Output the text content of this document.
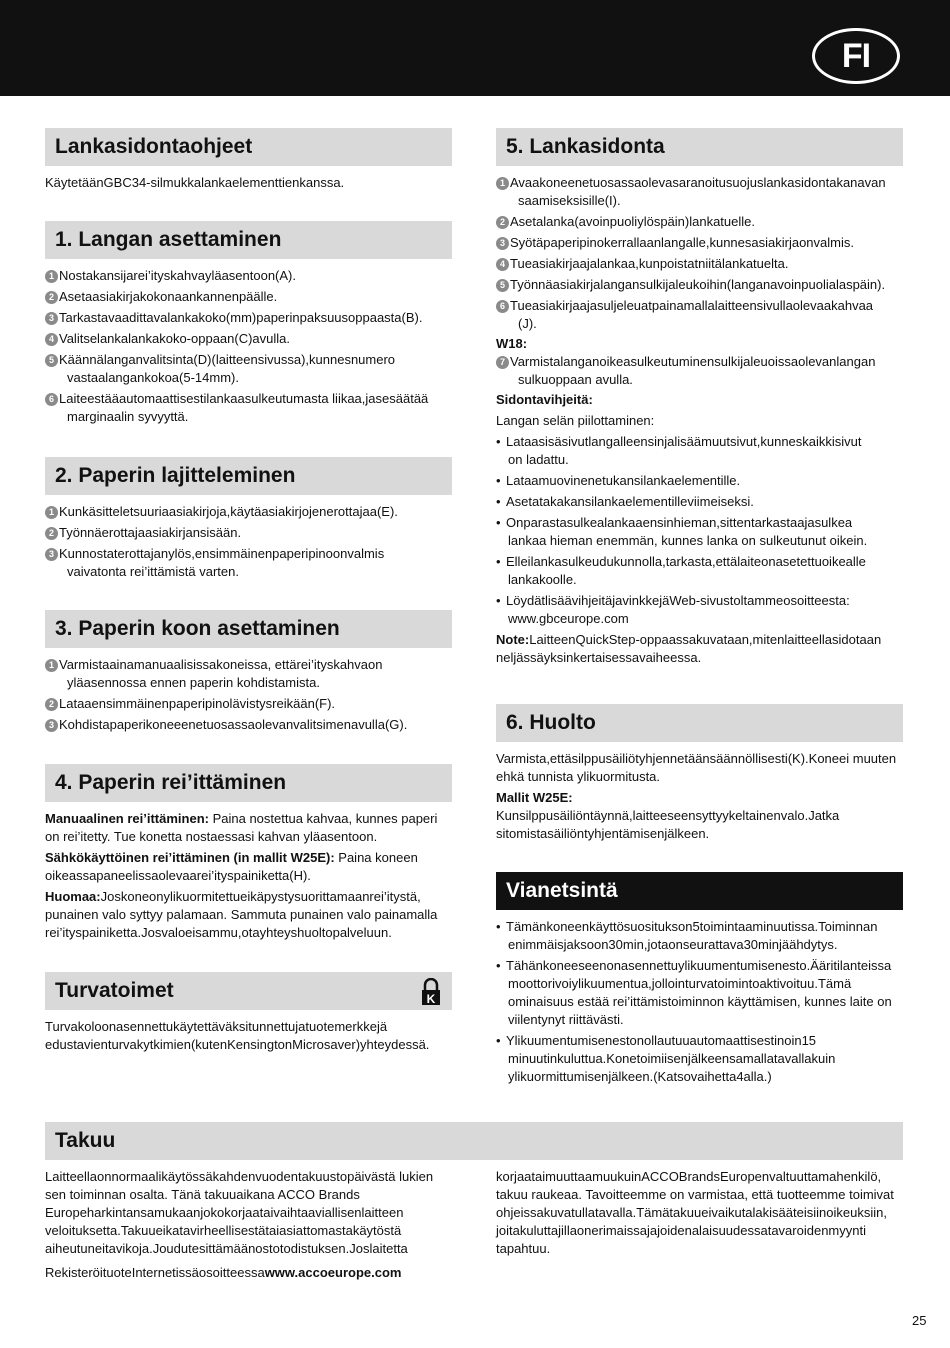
FI
Lankasidontaohjeet
KäytetäänGBC34-silmukkalankaelementtienkanssa.
1. Langan asettaminen
1 Nostakansijarei’ityskahvayläasentoon(A).
2 Asetaasiakirjakokonaankannenpäälle.
3 Tarkastavaadittavalankakoko(mm)paperinpaksuusoppaasta(B).
4 Valitselankalankakoko-oppaan(C)avulla.
5 Käännälanganvalitsinta(D)(laitteensivussa),kunnesnumero
vastaalangankokoa(5-14mm).
6 Laiteestääautomaattisestilankaasulkeutumasta liikaa,jasesäätää
marginaalin syvyyttä.
2. Paperin lajitteleminen
1 Kunkäsitteletsuuriaasiakirjoja,käytäasiakirjojenerottajaa(E).
2 Työnnäerottajaasiakirjansisään.
3 Kunnostaterottajanylös,ensimmäinenpaperipinoonvalmis
vaivatonta rei’ittämistä varten.
3. Paperin koon asettaminen
1 Varmistaainamanuaalisissakoneissa, ettärei’ityskahvaon
yläasennossa ennen paperin kohdistamista.
2 Lataaensimmäinenpaperipinolävistysreikään(F).
3 Kohdistapaperikoneeenetuosassaolevanvalitsimenavulla(G).
4. Paperin rei’ittäminen
Manuaalinen rei’ittäminen: Paina nostettua kahvaa, kunnes paperi on rei’itetty. Tue konetta nostaessasi kahvan yläasentoon.
Sähkökäyttöinen rei’ittäminen (in mallit W25E): Paina koneen oikeassapaneelissaolevaarei’ityspainiketta(H).
Huomaa:Joskoneonylikuormitettueikäpystysuorittamaanrei’itystä, punainen valo syttyy palamaan. Sammuta punainen valo painamalla rei’ityspainiketta.Josvaloeisammu,otayhteyshuoltopalveluun.
Turvatoimet	K
Turvakoloonasennettukäytettäväksitunnettujatuotemerkkejä edustavienturvakytkimien(kutenKensingtonMicrosaver)yhteydessä.
5. Lankasidonta
1 Avaakoneenetuosassaolevasaranoitusuojuslankasidontakanavan
saamiseksisille(I).
2 Asetalanka(avoinpuoliylöspäin)lankatuelle.
3 Syötäpaperipinokerrallaanlangalle,kunnesasiakirjaonvalmis.
4 Tueasiakirjaajalankaa,kunpoistatniitälankatuelta.
5 Työnnäasiakirjalangansulkijaleukoihin(langanavoinpuolialaspäin).
6 Tueasiakirjaajasuljeleuatpainamallalaitteensivullaolevaakahvaa
(J).
W18:
7 Varmistalanganoikeasulkeutuminensulkijaleuoissaolevanlangan
sulkuoppaan avulla.
Sidontavihjeitä:
Langan selän piilottaminen:
• Lataasisäsivutlangalleensinjalisäämuutsivut,kunneskaikkisivut
on ladattu.
• Lataamuovinenetukansilankaelementille.
• Asetatakakansilankaelementilleviimeiseksi.
• Onparastasulkealankaaensinhieman,sittentarkastaajasulkea
lankaa hieman enemmän, kunnes lanka on sulkeutunut oikein.
• Elleilankasulkeudukunnolla,tarkasta,ettälaiteonasetettuoikealle
lankakoolle.
• LöydätlisäävihjeitäjavinkkejäWeb-sivustoltammeosoitteesta:
www.gbceurope.com
Note:LaitteenQuickStep-oppaassakuvataan,mitenlaitteellasidotaan neljässäyksinkertaisessavaiheessa.
6. Huolto
Varmista,ettäsilppusäiliötyhjennetäänsäännöllisesti(K).Koneei muuten ehkä tunnista ylikuormitusta.
Mallit W25E:
Kunsilppusäiliöntäynnä,laitteeseensyttyykeltainenvalo.Jatka sitomistasäiliöntyhjentämisenjälkeen.
Vianetsintä
• Tämänkoneenkäyttösuositukson5toimintaaminuutissa.Toiminnan
enimmäisjaksoon30min,jotaonseurattava30minjäähdytys.
• Tähänkoneeseenonasennettuylikuumentumisenesto.Ääritilanteissa
moottorivoiylikuumentua,jollointurvatoimintoaktivoituu.Tämä ominaisuus estää rei’ittämistoiminnon käyttämisen, kunnes laite on viilentynyt riittävästi.
• Ylikuumentumisenestonollautuuautomaattisestinoin15
minuutinkuluttua.Konetoimiisenjälkeensamallatavallakuin ylikuormittumisenjälkeen.(Katsovaihetta4alla.)
Takuu
Laitteellaonnormaalikäytössäkahdenvuodentakuustopäivästä lukien sen toiminnan osalta. Tänä takuuaikana ACCO Brands Europeharkintansamukaanjokokorjaataivaihtaaviallisenlaitteen veloituksetta.Takuueikatavirheellisestätaiasiattomastakäytöstä aiheutuneitavikoja.Joudutesittämäänostotodistuksen.Joslaitetta
RekisteröituoteInternetissäosoitteessawww.accoeurope.com
korjaataimuuttaamuukuinACCOBrandsEuropenvaltuuttamahenkilö, takuu raukeaa. Tavoitteemme on varmistaa, että tuotteemme toimivat ohjeissakuvatullatavalla.Tämätakuueivaikutalakisääteisiinoikeuksiin, joitakuluttajillaonerimaissajajoidenalaisuudessatavaroidenmyynti tapahtuu.
25
